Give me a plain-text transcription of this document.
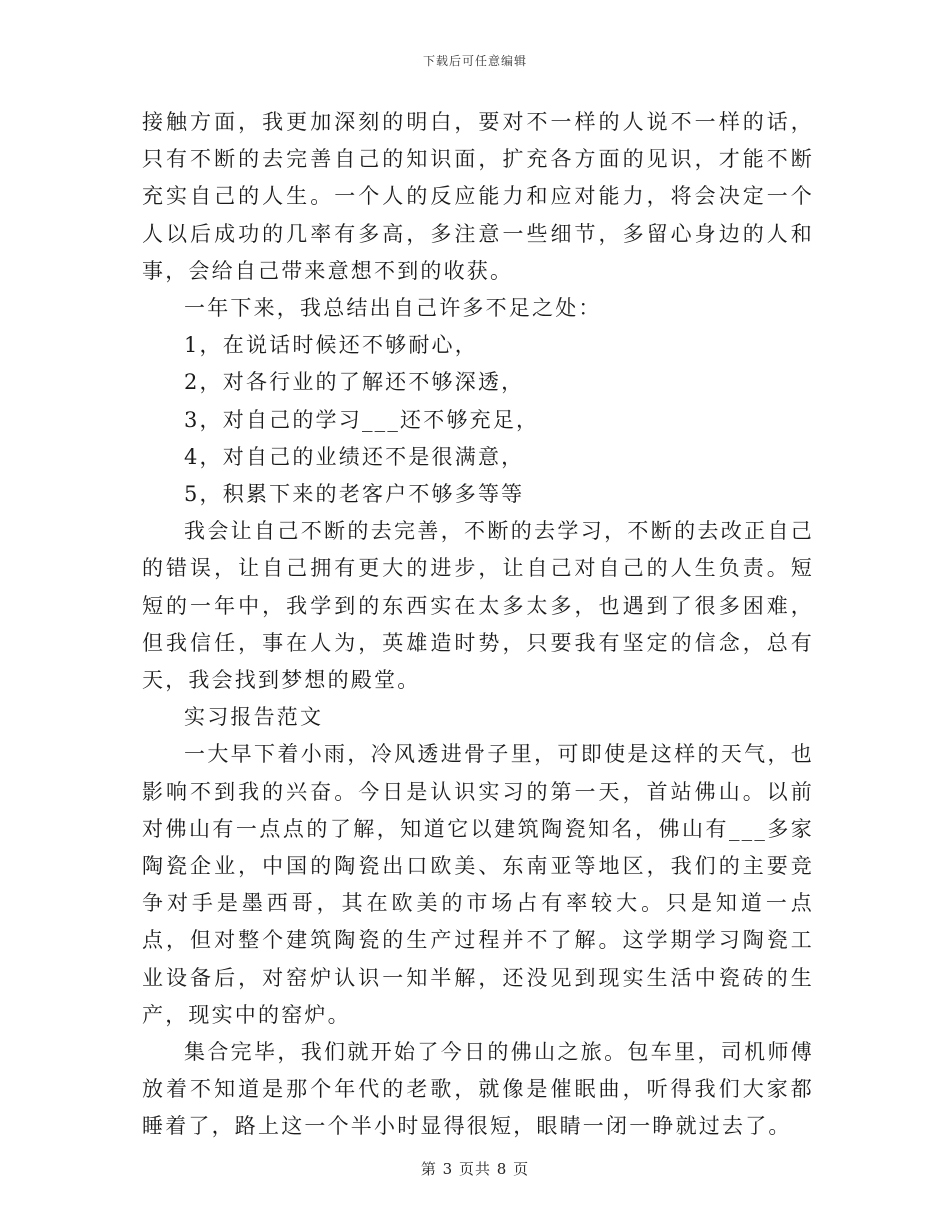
下载后可任意编辑

接触方面，我更加深刻的明白，要对不一样的人说不一样的话，只有不断的去完善自己的知识面，扩充各方面的见识，才能不断充实自己的人生。一个人的反应能力和应对能力，将会决定一个人以后成功的几率有多高，多注意一些细节，多留心身边的人和事，会给自己带来意想不到的收获。

一年下来，我总结出自己许多不足之处：

1，在说话时候还不够耐心，

2，对各行业的了解还不够深透，

3，对自己的学习___还不够充足，

4，对自己的业绩还不是很满意，

5，积累下来的老客户不够多等等

我会让自己不断的去完善，不断的去学习，不断的去改正自己的错误，让自己拥有更大的进步，让自己对自己的人生负责。短短的一年中，我学到的东西实在太多太多，也遇到了很多困难，但我信任，事在人为，英雄造时势，只要我有坚定的信念，总有天，我会找到梦想的殿堂。

实习报告范文

一大早下着小雨，冷风透进骨子里，可即使是这样的天气，也影响不到我的兴奋。今日是认识实习的第一天，首站佛山。以前对佛山有一点点的了解，知道它以建筑陶瓷知名，佛山有___多家陶瓷企业，中国的陶瓷出口欧美、东南亚等地区，我们的主要竞争对手是墨西哥，其在欧美的市场占有率较大。只是知道一点点，但对整个建筑陶瓷的生产过程并不了解。这学期学习陶瓷工业设备后，对窑炉认识一知半解，还没见到现实生活中瓷砖的生产，现实中的窑炉。

集合完毕，我们就开始了今日的佛山之旅。包车里，司机师傅放着不知道是那个年代的老歌，就像是催眠曲，听得我们大家都睡着了，路上这一个半小时显得很短，眼睛一闭一睁就过去了。

第 3 页共 8 页
